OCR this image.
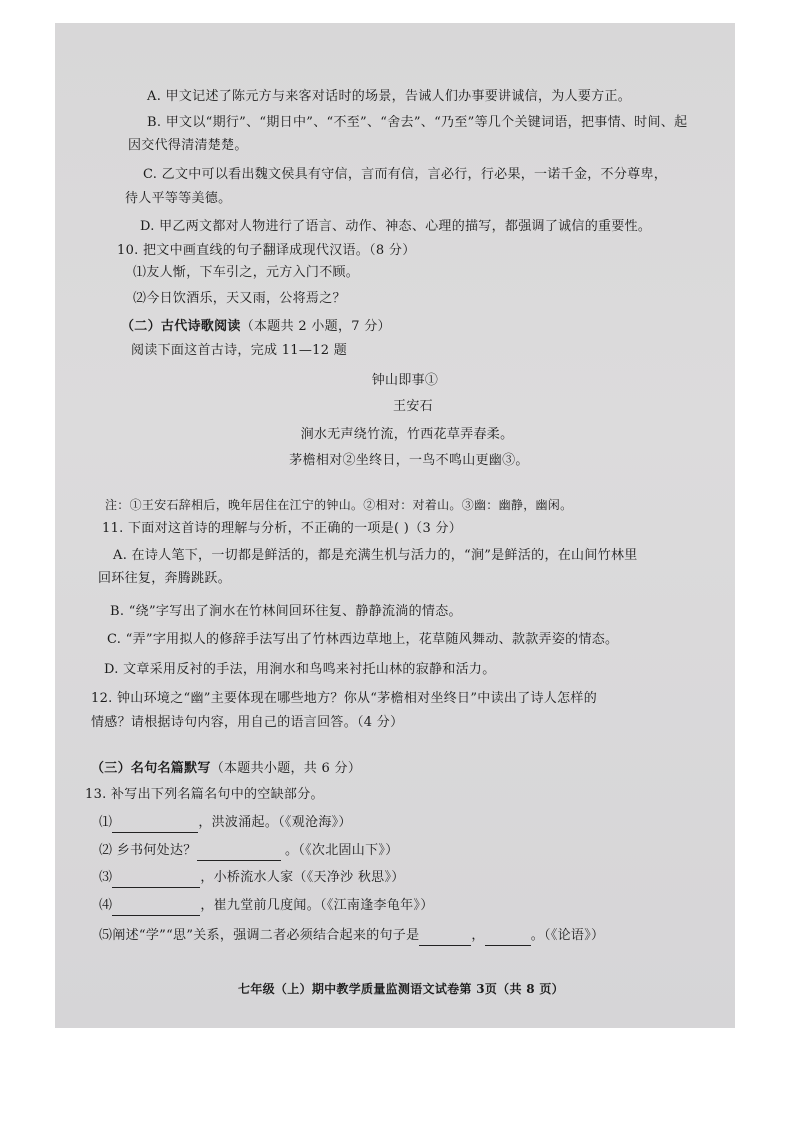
A. 甲文记述了陈元方与来客对话时的场景，告诫人们办事要讲诚信，为人要方正。
B. 甲文以“期行”、“期日中”、“不至”、“舍去”、“乃至”等几个关键词语，把事情、时间、起
因交代得清清楚楚。
C. 乙文中可以看出魏文侯具有守信，言而有信，言必行，行必果，一诺千金，不分尊卑，
待人平等等美德。
D. 甲乙两文都对人物进行了语言、动作、神态、心理的描写，都强调了诚信的重要性。
10. 把文中画直线的句子翻译成现代汉语。（8 分）
⑴友人惭，下车引之，元方入门不顾。
⑵今日饮酒乐，天又雨，公将焉之？
（二）古代诗歌阅读（本题共 2 小题，7 分）
阅读下面这首古诗，完成 11—12 题
钟山即事①
王安石
涧水无声绕竹流，竹西花草弄春柔。
茅檐相对②坐终日，一鸟不鸣山更幽③。
注：①王安石辞相后，晚年居住在江宁的钟山。②相对：对着山。③幽：幽静，幽闲。
11. 下面对这首诗的理解与分析，不正确的一项是( )（3 分）
A. 在诗人笔下，一切都是鲜活的，都是充满生机与活力的，“涧”是鲜活的，在山间竹林里
回环往复，奔腾跳跃。
B. “绕”字写出了涧水在竹林间回环往复、静静流淌的情态。
C. “弄”字用拟人的修辞手法写出了竹林西边草地上，花草随风舞动、款款弄姿的情态。
D. 文章采用反衬的手法，用涧水和鸟鸣来衬托山林的寂静和活力。
12. 钟山环境之“幽”主要体现在哪些地方？你从“茅檐相对坐终日”中读出了诗人怎样的
情感？请根据诗句内容，用自己的语言回答。（4 分）
（三）名句名篇默写（本题共小题，共 6 分）
13. 补写出下列名篇名句中的空缺部分。
⑴	，洪波涌起。（《观沧海》）
⑵ 乡书何处达？	。（《次北固山下》）
⑶	，小桥流水人家（《天净沙 秋思》）
⑷	，崔九堂前几度闻。（《江南逢李龟年》）
⑸阐述“学”“思”关系，强调二者必须结合起来的句子是	，	。（《论语》）
七年级（上）期中教学质量监测语文试卷第 3页（共 8 页）
